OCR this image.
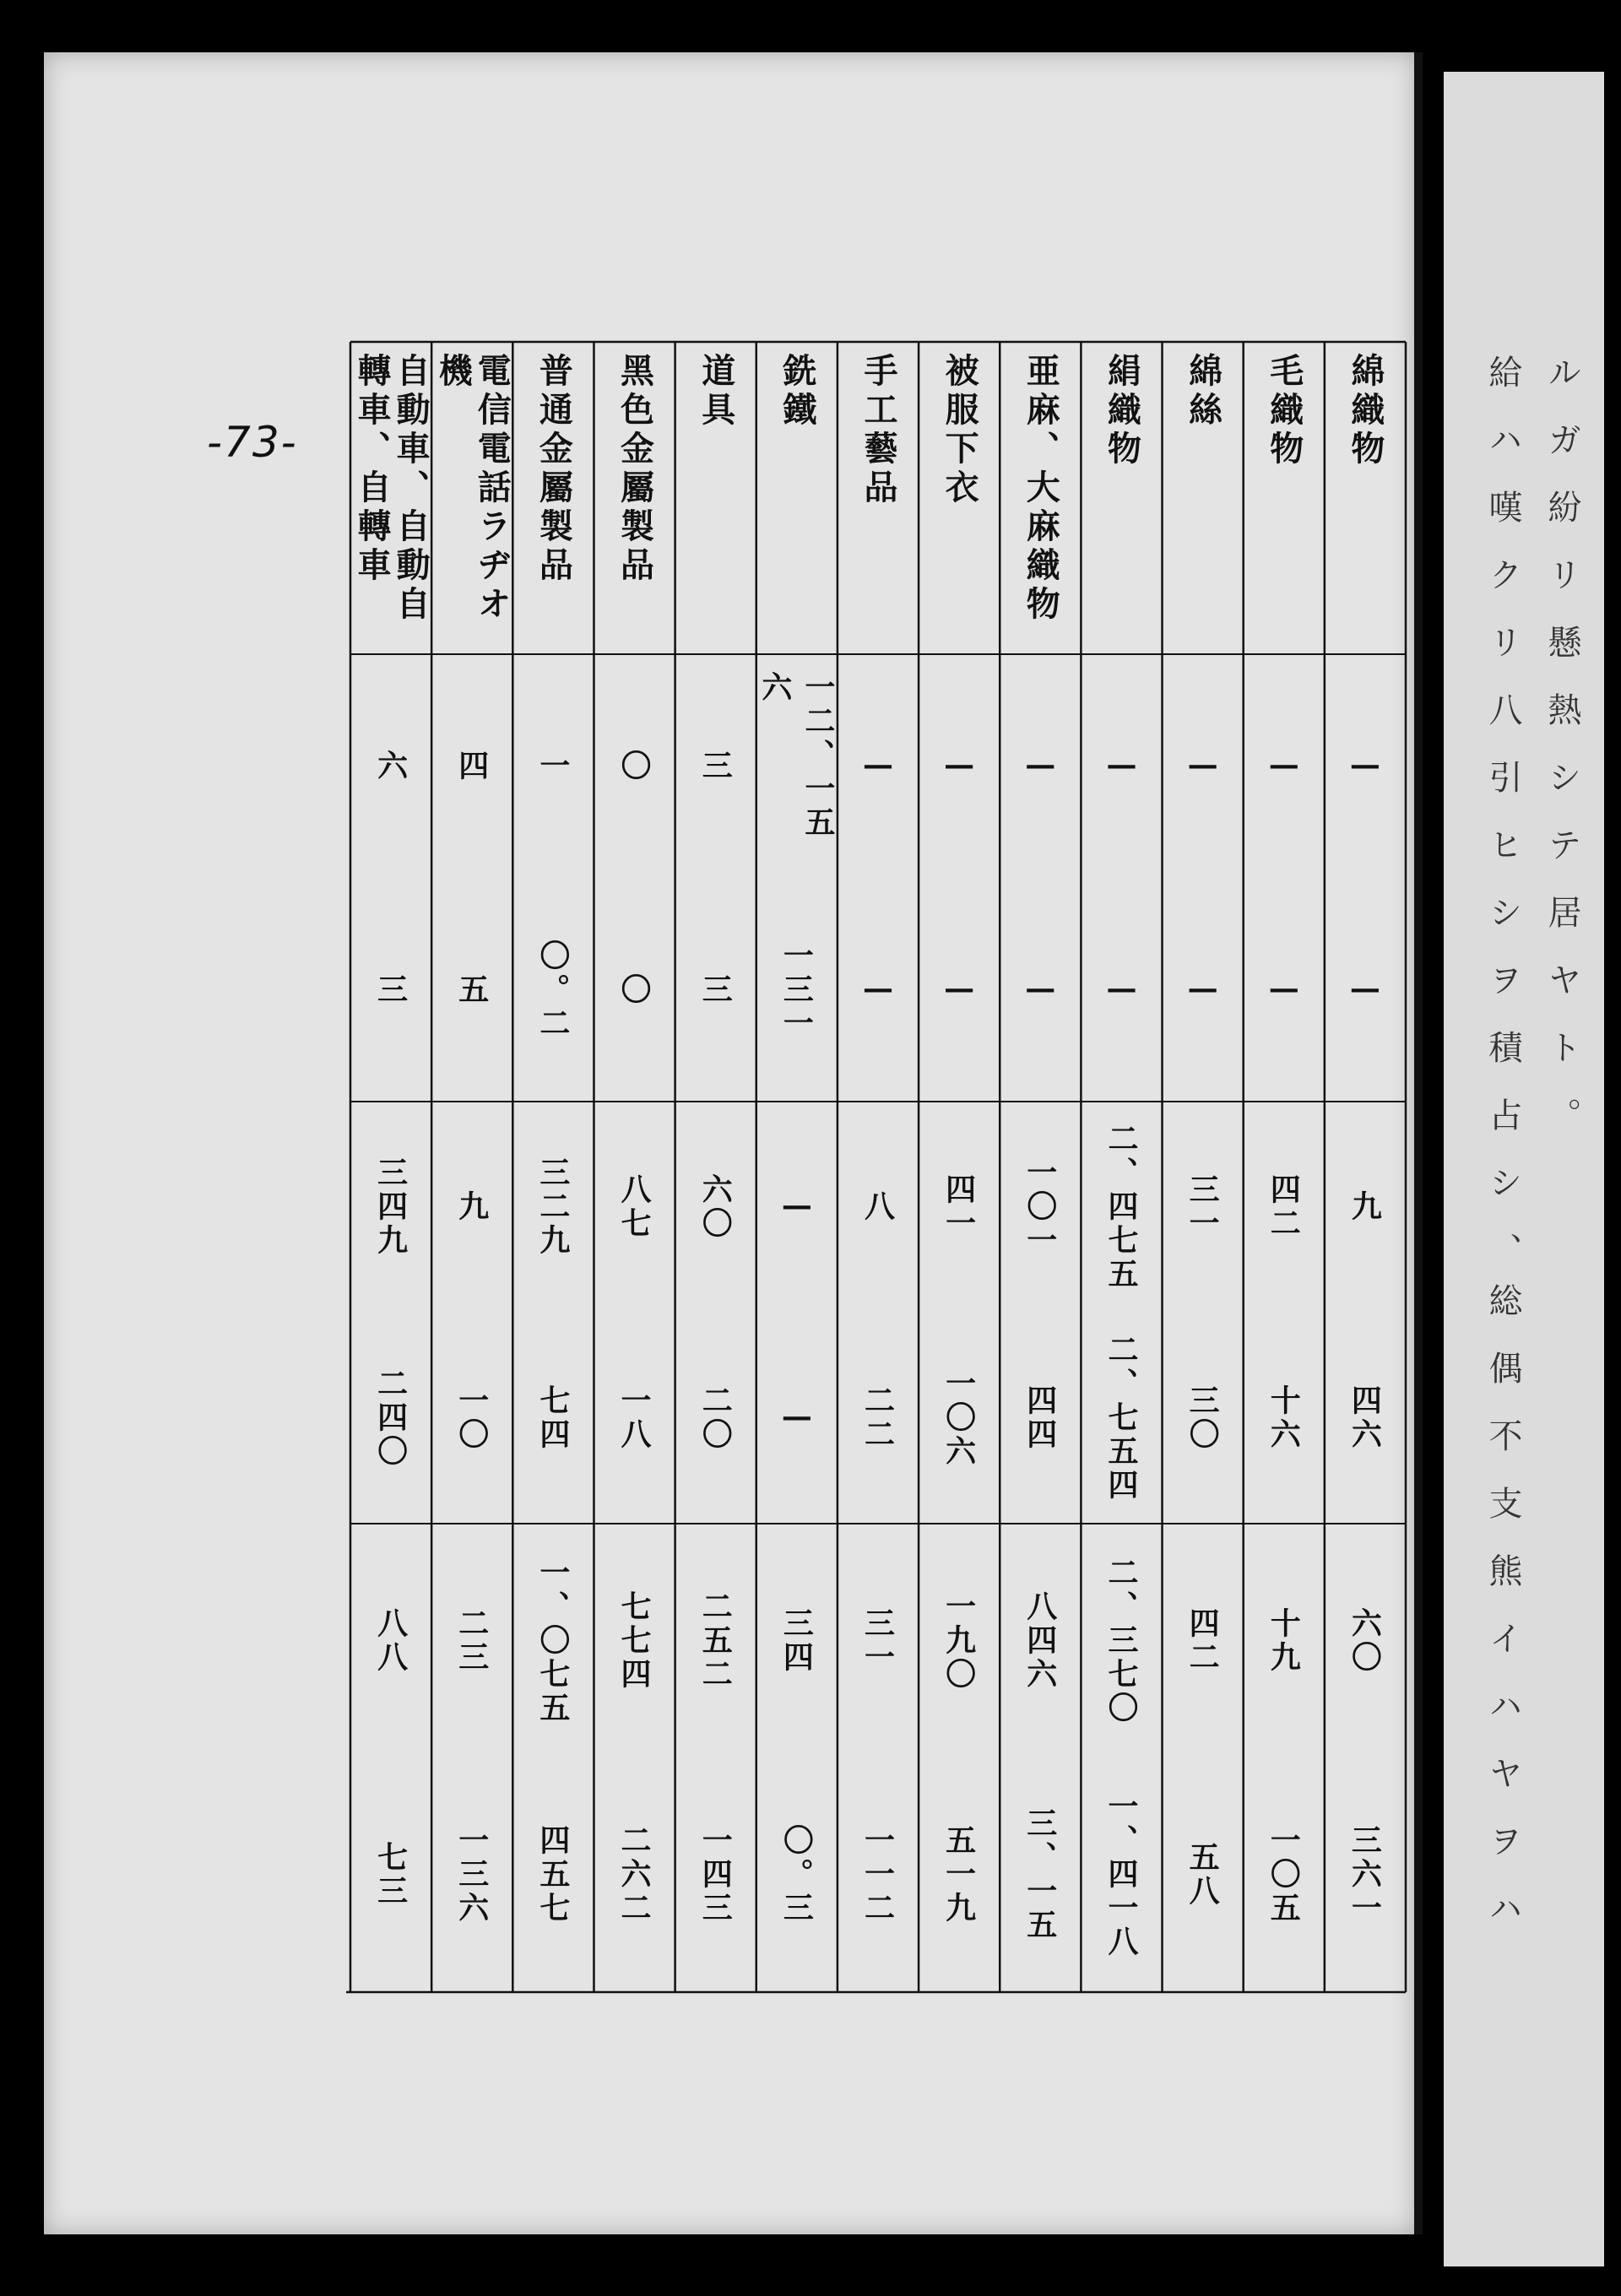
-73-	ル　ガ　紛　リ　懸　熱　シ　テ　居　ヤ　ト　。
給　ハ　嘆　ク　リ　八　引　ヒ　シ　ヲ　積　占　シ　、　総　偶　不　支　熊　イ　ハ　ヤ　ヲ　ハ
綿織物
—
—
九
四六
六〇
三六一
毛織物
—
—
四二
十六
十九
一〇五
綿絲
—
—
三一
三〇
四二
五八
絹織物
—
—
二、四七五
二、七五四
二、三七〇
一、四一八
亜麻、大麻織物
—
—
一〇一
四四
八四六
三、一五
被服下衣
—
—
四一
一〇六
一九〇
五一九
手工藝品
—
—
八
二二
三一
一一二
銑鐵
一二、一五六
一三一
—
—
三四
〇。三
道具
三
三
六〇
二〇
二五二
一四三
黑色金屬製品
〇
〇
八七
一八
七七四
二六二
普通金屬製品
一
〇。二
三二九
七四
一、〇七五
四五七
電信電話ラヂオ機
四
五
九
一〇
二三
一三六
自動車、自動自轉車、自轉車
六
三
三四九
二四〇
八八
七三
